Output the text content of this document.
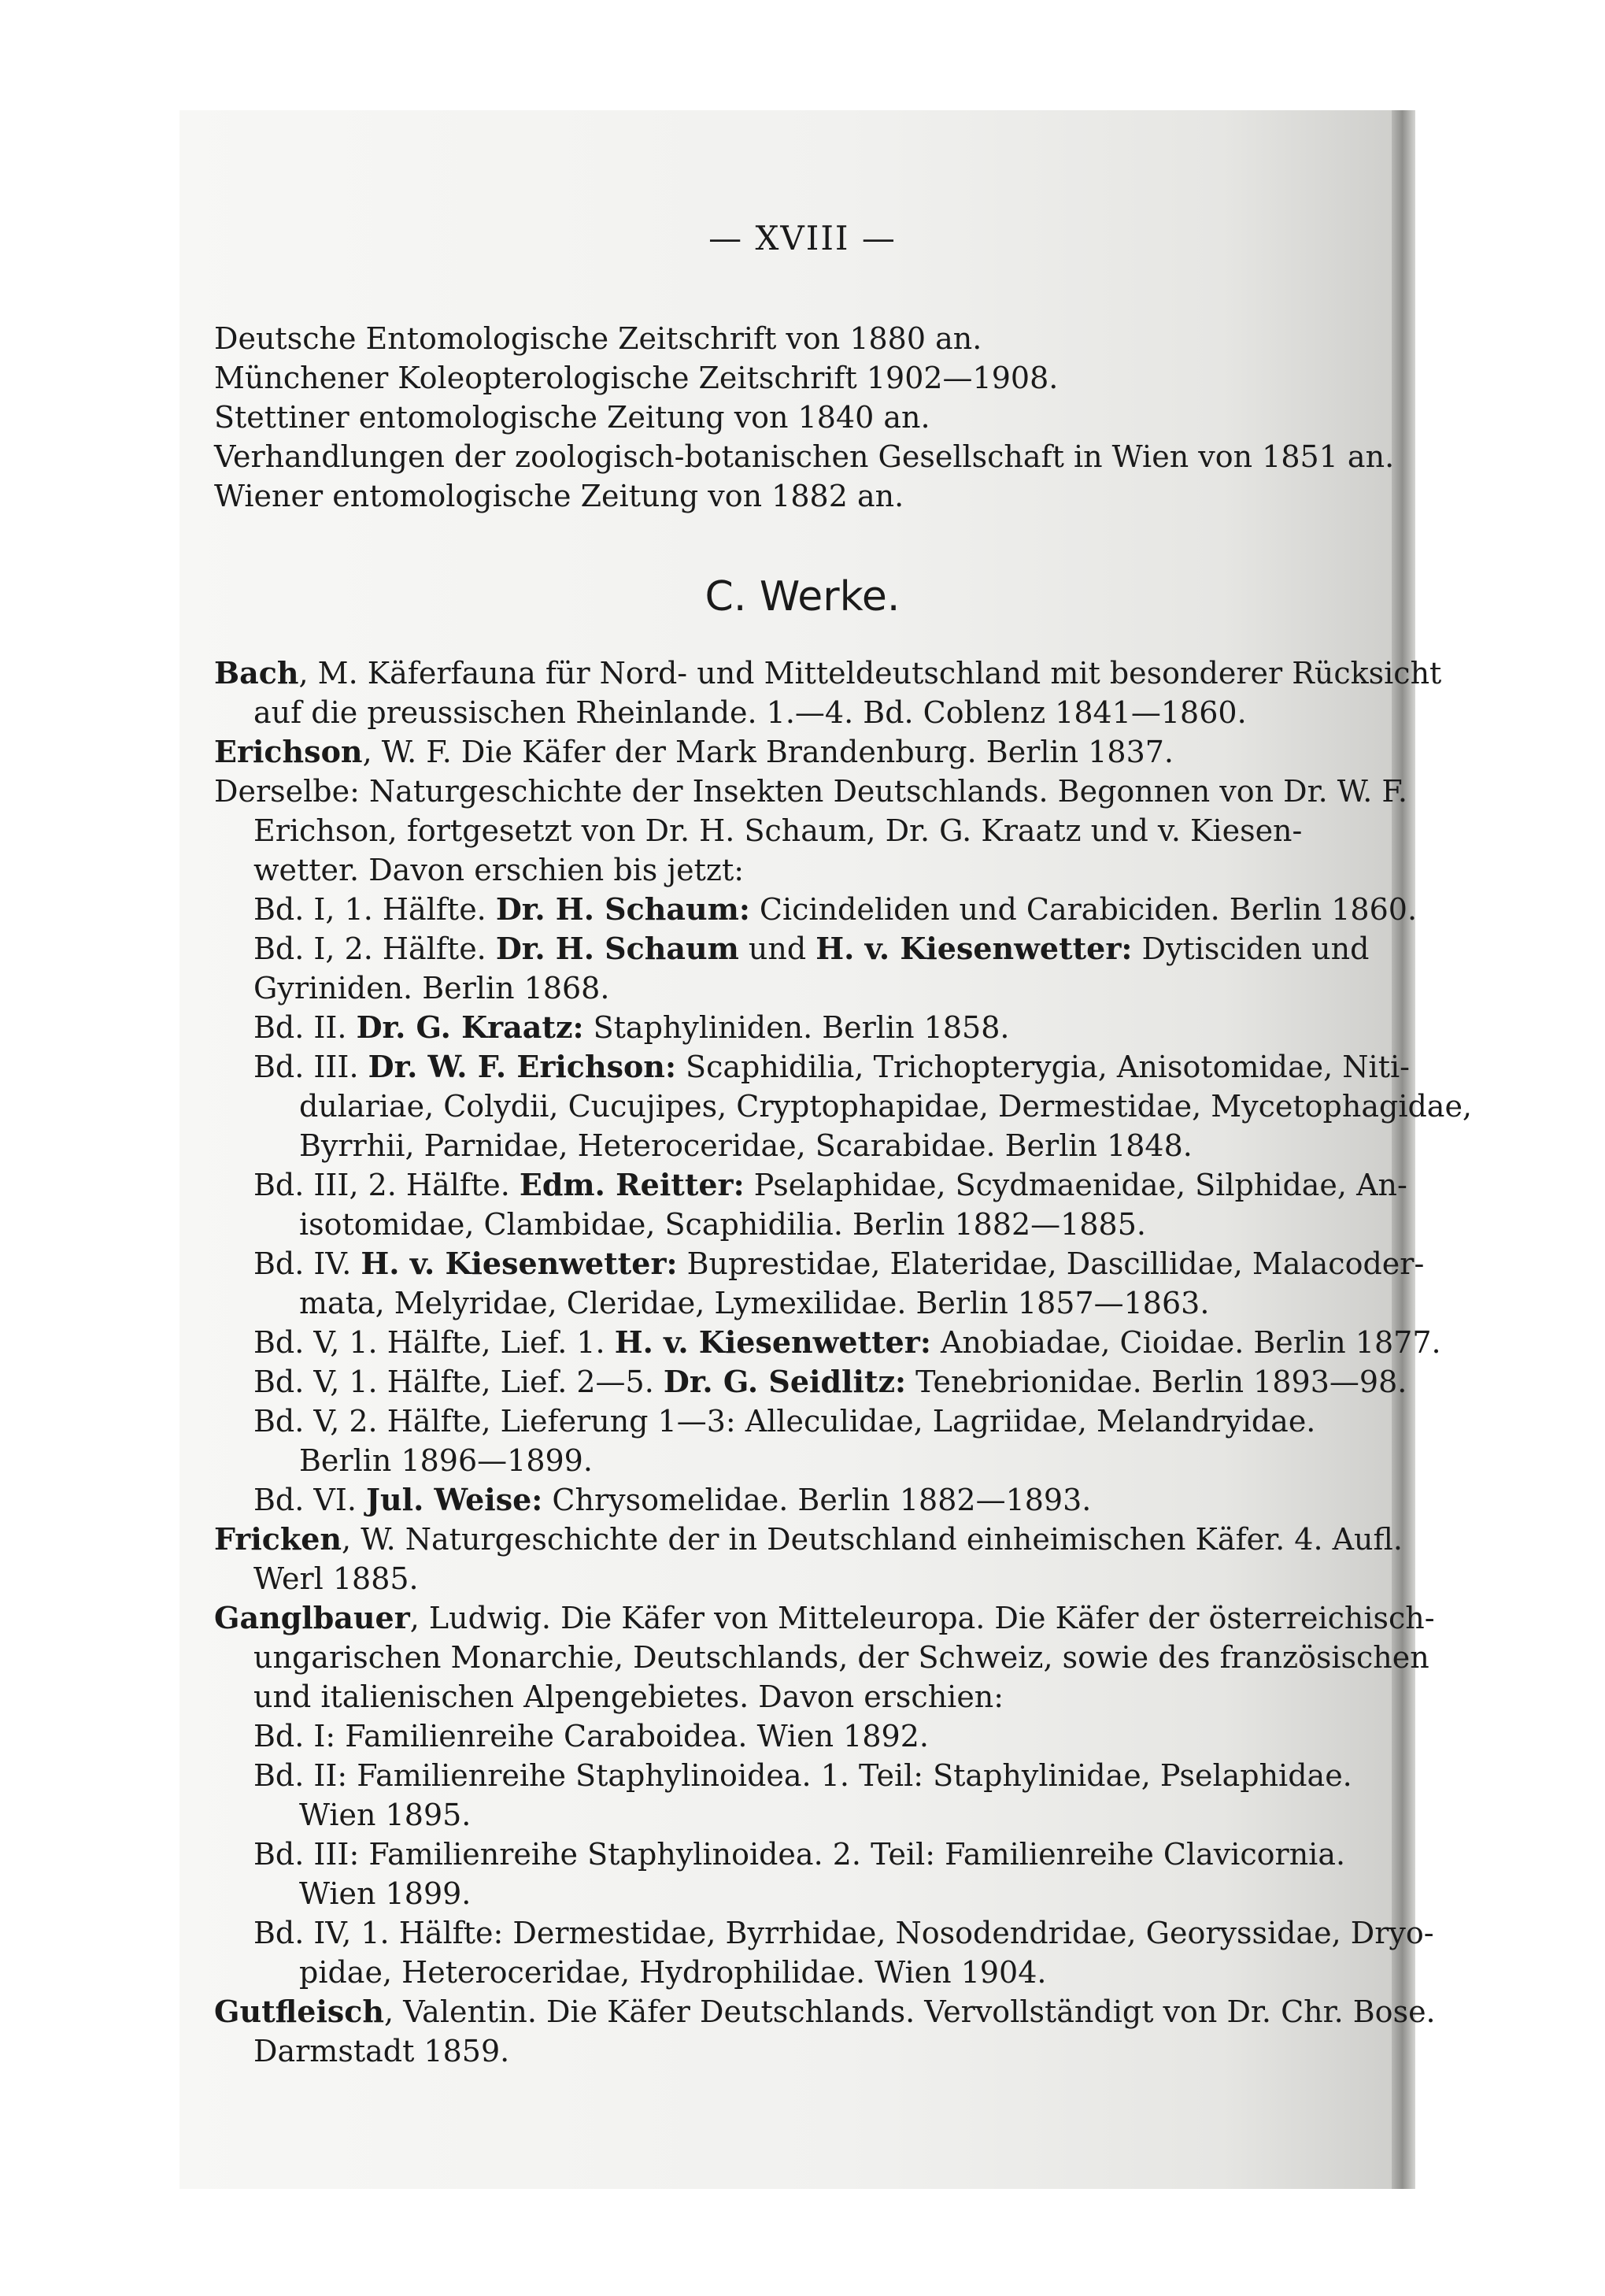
— XVIII —
Deutsche Entomologische Zeitschrift von 1880 an.
Münchener Koleopterologische Zeitschrift 1902—1908.
Stettiner entomologische Zeitung von 1840 an.
Verhandlungen der zoologisch-botanischen Gesellschaft in Wien von 1851 an.
Wiener entomologische Zeitung von 1882 an.
C. Werke.
Bach, M. Käferfauna für Nord- und Mitteldeutschland mit besonderer Rücksicht
auf die preussischen Rheinlande. 1.—4. Bd. Coblenz 1841—1860.
Erichson, W. F. Die Käfer der Mark Brandenburg. Berlin 1837.
Derselbe: Naturgeschichte der Insekten Deutschlands. Begonnen von Dr. W. F.
Erichson, fortgesetzt von Dr. H. Schaum, Dr. G. Kraatz und v. Kiesen-
wetter. Davon erschien bis jetzt:
Bd. I, 1. Hälfte. Dr. H. Schaum: Cicindeliden und Carabiciden. Berlin 1860.
Bd. I, 2. Hälfte. Dr. H. Schaum und H. v. Kiesenwetter: Dytisciden und
Gyriniden. Berlin 1868.
Bd. II. Dr. G. Kraatz: Staphyliniden. Berlin 1858.
Bd. III. Dr. W. F. Erichson: Scaphidilia, Trichopterygia, Anisotomidae, Niti-
dulariae, Colydii, Cucujipes, Cryptophapidae, Dermestidae, Mycetophagidae,
Byrrhii, Parnidae, Heteroceridae, Scarabidae. Berlin 1848.
Bd. III, 2. Hälfte. Edm. Reitter: Pselaphidae, Scydmaenidae, Silphidae, An-
isotomidae, Clambidae, Scaphidilia. Berlin 1882—1885.
Bd. IV. H. v. Kiesenwetter: Buprestidae, Elateridae, Dascillidae, Malacoder-
mata, Melyridae, Cleridae, Lymexilidae. Berlin 1857—1863.
Bd. V, 1. Hälfte, Lief. 1. H. v. Kiesenwetter: Anobiadae, Cioidae. Berlin 1877.
Bd. V, 1. Hälfte, Lief. 2—5. Dr. G. Seidlitz: Tenebrionidae. Berlin 1893—98.
Bd. V, 2. Hälfte, Lieferung 1—3: Alleculidae, Lagriidae, Melandryidae.
Berlin 1896—1899.
Bd. VI. Jul. Weise: Chrysomelidae. Berlin 1882—1893.
Fricken, W. Naturgeschichte der in Deutschland einheimischen Käfer. 4. Aufl.
Werl 1885.
Ganglbauer, Ludwig. Die Käfer von Mitteleuropa. Die Käfer der österreichisch-
ungarischen Monarchie, Deutschlands, der Schweiz, sowie des französischen
und italienischen Alpengebietes. Davon erschien:
Bd. I: Familienreihe Caraboidea. Wien 1892.
Bd. II: Familienreihe Staphylinoidea. 1. Teil: Staphylinidae, Pselaphidae.
Wien 1895.
Bd. III: Familienreihe Staphylinoidea. 2. Teil: Familienreihe Clavicornia.
Wien 1899.
Bd. IV, 1. Hälfte: Dermestidae, Byrrhidae, Nosodendridae, Georyssidae, Dryo-
pidae, Heteroceridae, Hydrophilidae. Wien 1904.
Gutfleisch, Valentin. Die Käfer Deutschlands. Vervollständigt von Dr. Chr. Bose.
Darmstadt 1859.
